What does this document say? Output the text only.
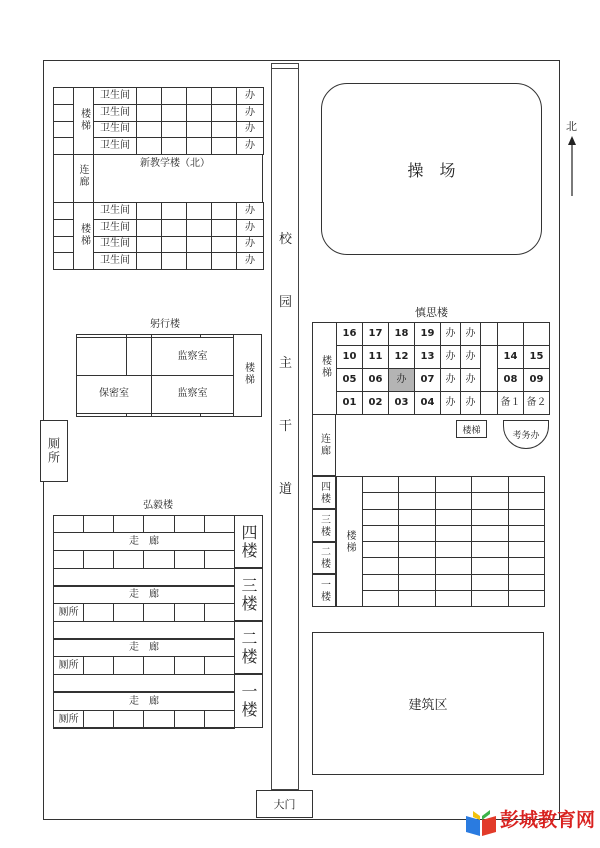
北
操　场
校
园
主
干
道
大门
厕所
	楼梯	卫生间					办
		卫生间					办
		卫生间					办
		卫生间					办
连廊
新教学楼（北）
	楼梯	卫生间					办
		卫生间					办
		卫生间					办
		卫生间					办
躬行楼
				楼梯
		监察室		
保密室		监察室		

弘毅楼

走　廊					
						四楼
走　廊
厕所						三楼
走　廊
厕所						二楼
走　廊
厕所						一楼
慎思楼
楼梯	16	17	18	19	办	办			
	10	11	12	13	办	办		14	15
	05	06	办	07	办	办		08	09
	01	02	03	04	办	办		备１	备２
楼梯
考务办
连廊
四楼
三楼
二楼
一楼
楼梯

建筑区
彭城教育网
